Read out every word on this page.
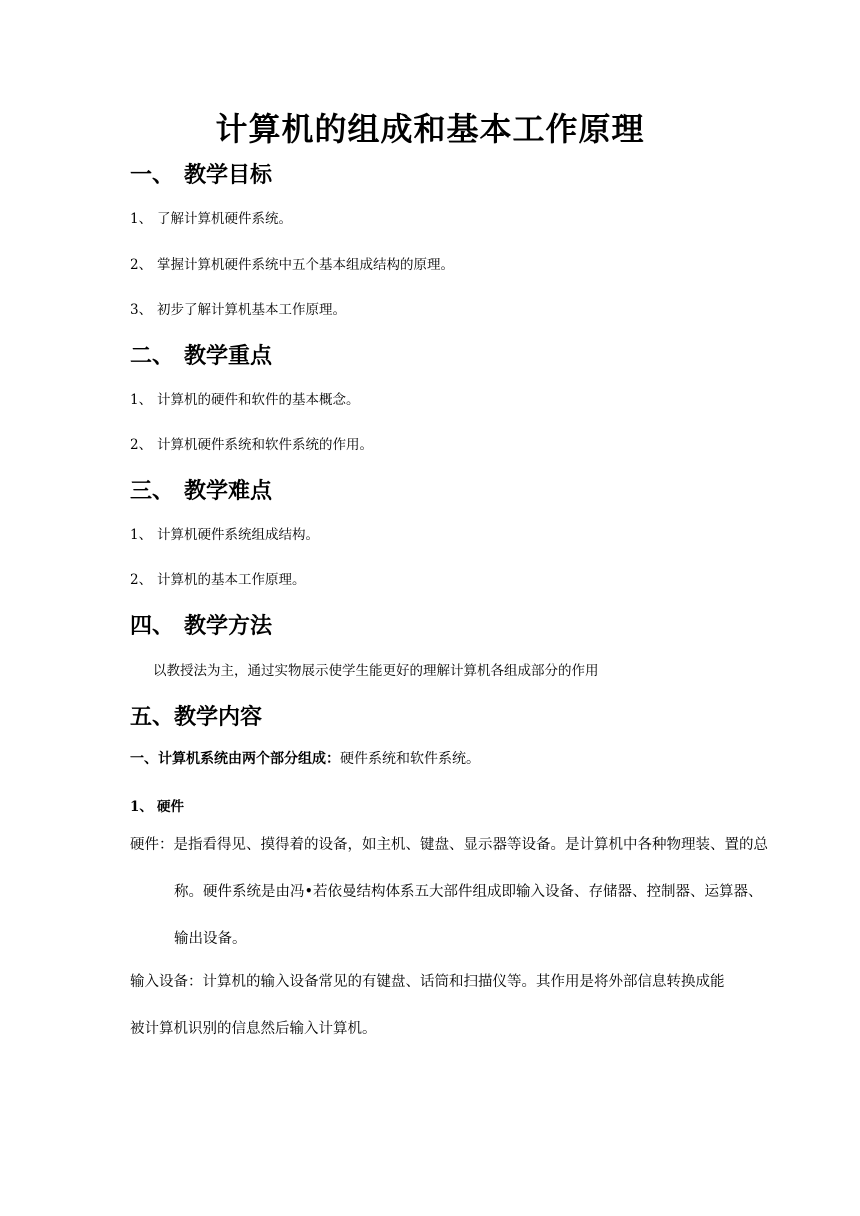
计算机的组成和基本工作原理
一、 教学目标
1、 了解计算机硬件系统。
2、 掌握计算机硬件系统中五个基本组成结构的原理。
3、 初步了解计算机基本工作原理。
二、 教学重点
1、 计算机的硬件和软件的基本概念。
2、 计算机硬件系统和软件系统的作用。
三、 教学难点
1、 计算机硬件系统组成结构。
2、 计算机的基本工作原理。
四、 教学方法
以教授法为主，通过实物展示使学生能更好的理解计算机各组成部分的作用
五、教学内容
一、计算机系统由两个部分组成：硬件系统和软件系统。
1、 硬件
硬件：是指看得见、摸得着的设备，如主机、键盘、显示器等设备。是计算机中各种物理装、置的总称。硬件系统是由冯•若依曼结构体系五大部件组成即输入设备、存储器、控制器、运算器、输出设备。
输入设备：计算机的输入设备常见的有键盘、话筒和扫描仪等。其作用是将外部信息转换成能被计算机识别的信息然后输入计算机。
